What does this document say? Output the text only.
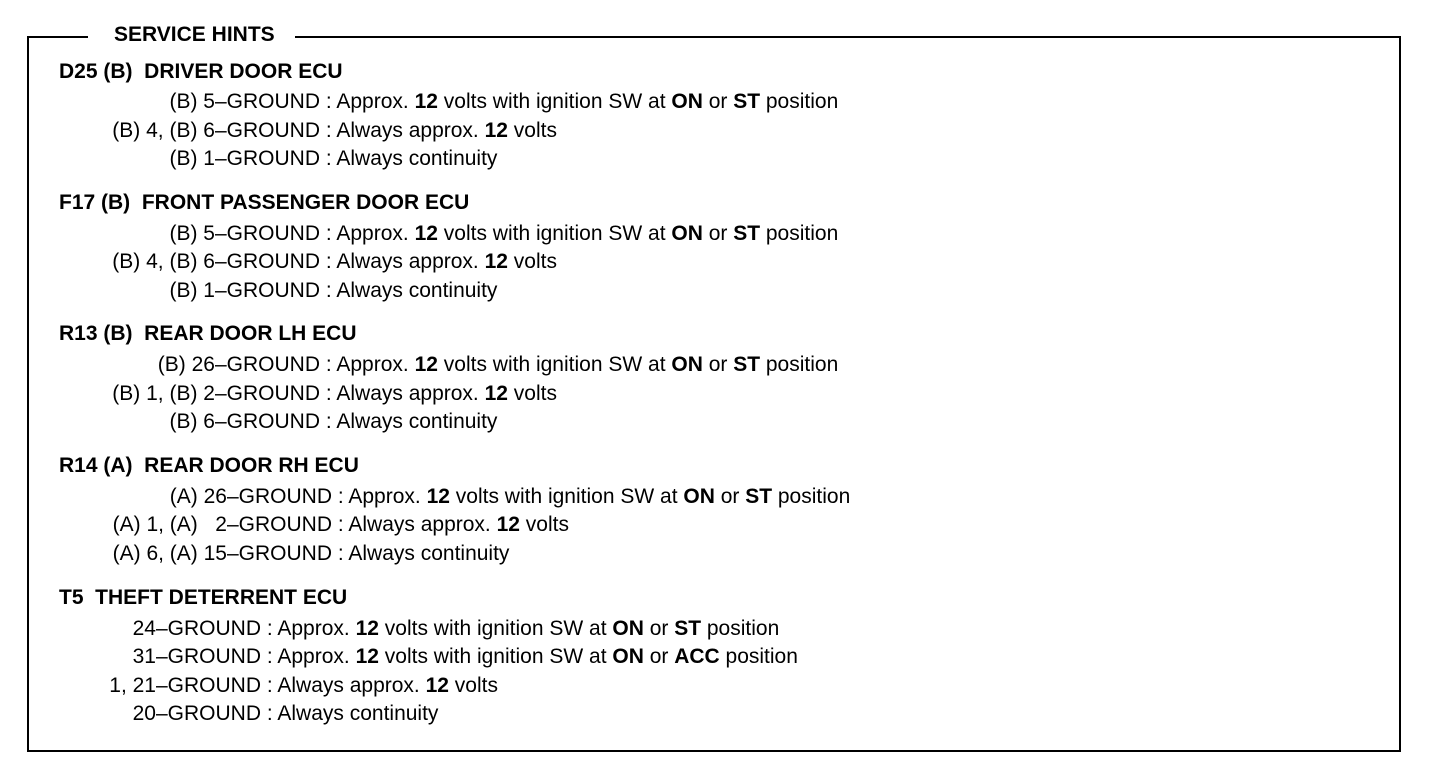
SERVICE HINTS
D25 (B)  DRIVER DOOR ECU
(B) 5–GROUND : Approx. 12 volts with ignition SW at ON or ST position
(B) 4, (B) 6–GROUND : Always approx. 12 volts
(B) 1–GROUND : Always continuity
F17 (B)  FRONT PASSENGER DOOR ECU
(B) 5–GROUND : Approx. 12 volts with ignition SW at ON or ST position
(B) 4, (B) 6–GROUND : Always approx. 12 volts
(B) 1–GROUND : Always continuity
R13 (B)  REAR DOOR LH ECU
(B) 26–GROUND : Approx. 12 volts with ignition SW at ON or ST position
(B) 1, (B) 2–GROUND : Always approx. 12 volts
(B) 6–GROUND : Always continuity
R14 (A)  REAR DOOR RH ECU
(A) 26–GROUND : Approx. 12 volts with ignition SW at ON or ST position
(A) 1, (A)   2–GROUND : Always approx. 12 volts
(A) 6, (A) 15–GROUND : Always continuity
T5  THEFT DETERRENT ECU
24–GROUND : Approx. 12 volts with ignition SW at ON or ST position
31–GROUND : Approx. 12 volts with ignition SW at ON or ACC position
1, 21–GROUND : Always approx. 12 volts
20–GROUND : Always continuity
